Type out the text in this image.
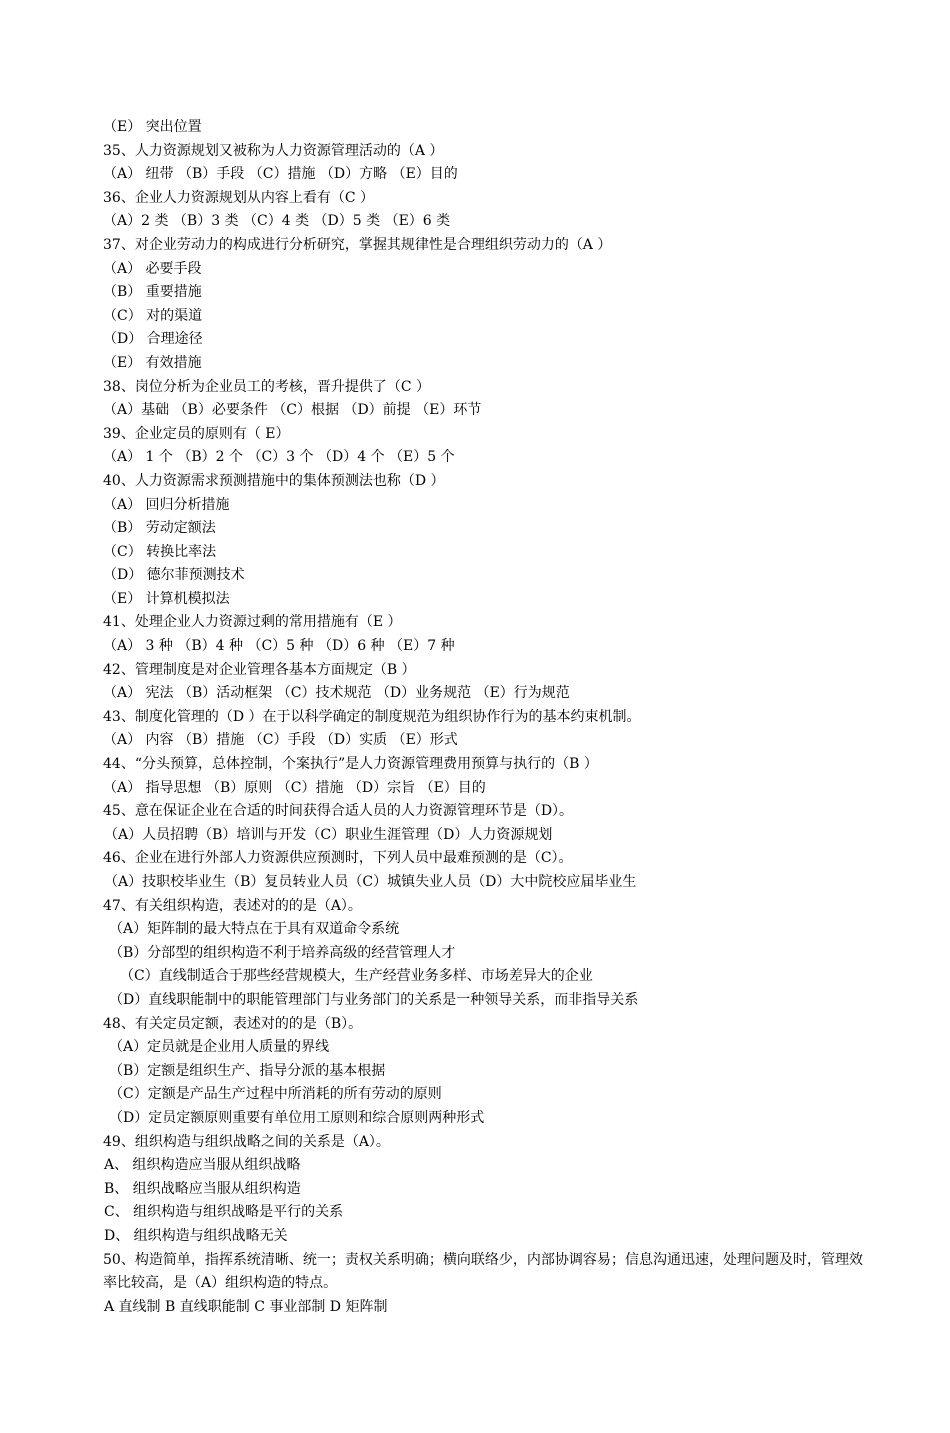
（E） 突出位置
35、人力资源规划又被称为人力资源管理活动的（A ）
（A） 纽带 （B）手段 （C）措施 （D）方略 （E）目的
36、企业人力资源规划从内容上看有（C ）
（A）2 类 （B）3 类 （C）4 类 （D）5 类 （E）6 类
37、对企业劳动力的构成进行分析研究，掌握其规律性是合理组织劳动力的（A ）
（A） 必要手段
（B） 重要措施
（C） 对的渠道
（D） 合理途径
（E） 有效措施
38、岗位分析为企业员工的考核，晋升提供了（C ）
（A）基础 （B）必要条件 （C）根据 （D）前提 （E）环节
39、企业定员的原则有（ E）
（A） 1 个 （B）2 个 （C）3 个 （D）4 个 （E）5 个
40、人力资源需求预测措施中的集体预测法也称（D ）
（A） 回归分析措施
（B） 劳动定额法
（C） 转换比率法
（D） 德尔菲预测技术
（E） 计算机模拟法
41、处理企业人力资源过剩的常用措施有（E ）
（A） 3 种 （B）4 种 （C）5 种 （D）6 种 （E）7 种
42、管理制度是对企业管理各基本方面规定（B ）
（A） 宪法 （B）活动框架 （C）技术规范 （D）业务规范 （E）行为规范
43、制度化管理的（D ）在于以科学确定的制度规范为组织协作行为的基本约束机制。
（A） 内容 （B）措施 （C）手段 （D）实质 （E）形式
44、“分头预算，总体控制，个案执行”是人力资源管理费用预算与执行的（B ）
（A） 指导思想 （B）原则 （C）措施 （D）宗旨 （E）目的
45、意在保证企业在合适的时间获得合适人员的人力资源管理环节是（D）。
（A）人员招聘（B）培训与开发（C）职业生涯管理（D）人力资源规划
46、企业在进行外部人力资源供应预测时，下列人员中最难预测的是（C）。
（A）技职校毕业生（B）复员转业人员（C）城镇失业人员（D）大中院校应届毕业生
47、有关组织构造，表述对的的是（A）。
（A）矩阵制的最大特点在于具有双道命令系统
（B）分部型的组织构造不利于培养高级的经营管理人才
（C）直线制适合于那些经营规模大，生产经营业务多样、市场差异大的企业
（D）直线职能制中的职能管理部门与业务部门的关系是一种领导关系，而非指导关系
48、有关定员定额，表述对的的是（B）。
（A）定员就是企业用人质量的界线
（B）定额是组织生产、指导分派的基本根据
（C）定额是产品生产过程中所消耗的所有劳动的原则
（D）定员定额原则重要有单位用工原则和综合原则两种形式
49、组织构造与组织战略之间的关系是（A）。
A、 组织构造应当服从组织战略
B、 组织战略应当服从组织构造
C、 组织构造与组织战略是平行的关系
D、 组织构造与组织战略无关
50、构造简单，指挥系统清晰、统一；责权关系明确；横向联络少，内部协调容易；信息沟通迅速，处理问题及时，管理效率比较高，是（A）组织构造的特点。
A 直线制 B 直线职能制 C 事业部制 D 矩阵制
